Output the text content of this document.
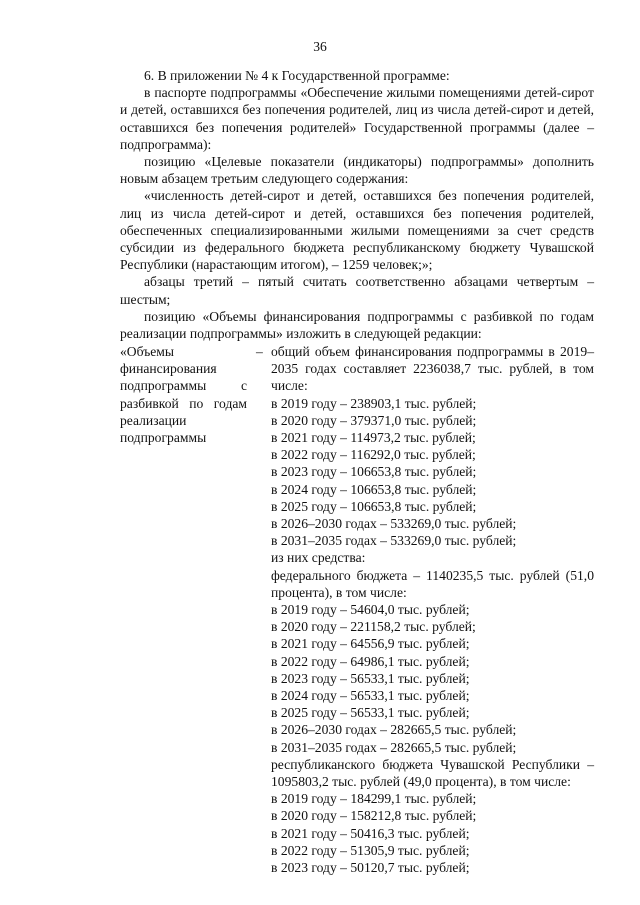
36

6. В приложении № 4 к Государственной программе:

в паспорте подпрограммы «Обеспечение жилыми помещениями детей-сирот и детей, оставшихся без попечения родителей, лиц из числа детей-сирот и детей, оставшихся без попечения родителей» Государственной программы (далее – подпрограмма):

позицию «Целевые показатели (индикаторы) подпрограммы» дополнить новым абзацем третьим следующего содержания:

«численность детей-сирот и детей, оставшихся без попечения родителей, лиц из числа детей-сирот и детей, оставшихся без попечения родителей, обеспеченных специализированными жилыми помещениями за счет средств субсидии из федерального бюджета республиканскому бюджету Чувашской Республики (нарастающим итогом), – 1259 человек;»;

абзацы третий – пятый считать соответственно абзацами четвертым – шестым;

позицию «Объемы финансирования подпрограммы с разбивкой по годам реализации подпрограммы» изложить в следующей редакции:

«Объемы финансирования подпрограммы с разбивкой по годам реализации подпрограммы
– общий объем финансирования подпрограммы в 2019–2035 годах составляет 2236038,7 тыс. рублей, в том числе:
в 2019 году – 238903,1 тыс. рублей;
в 2020 году – 379371,0 тыс. рублей;
в 2021 году – 114973,2 тыс. рублей;
в 2022 году – 116292,0 тыс. рублей;
в 2023 году – 106653,8 тыс. рублей;
в 2024 году – 106653,8 тыс. рублей;
в 2025 году – 106653,8 тыс. рублей;
в 2026–2030 годах – 533269,0 тыс. рублей;
в 2031–2035 годах – 533269,0 тыс. рублей;
из них средства:
федерального бюджета – 1140235,5 тыс. рублей (51,0 процента), в том числе:
в 2019 году – 54604,0 тыс. рублей;
в 2020 году – 221158,2 тыс. рублей;
в 2021 году – 64556,9 тыс. рублей;
в 2022 году – 64986,1 тыс. рублей;
в 2023 году – 56533,1 тыс. рублей;
в 2024 году – 56533,1 тыс. рублей;
в 2025 году – 56533,1 тыс. рублей;
в 2026–2030 годах – 282665,5 тыс. рублей;
в 2031–2035 годах – 282665,5 тыс. рублей;
республиканского бюджета Чувашской Республики – 1095803,2 тыс. рублей (49,0 процента), в том числе:
в 2019 году – 184299,1 тыс. рублей;
в 2020 году – 158212,8 тыс. рублей;
в 2021 году – 50416,3 тыс. рублей;
в 2022 году – 51305,9 тыс. рублей;
в 2023 году – 50120,7 тыс. рублей;
